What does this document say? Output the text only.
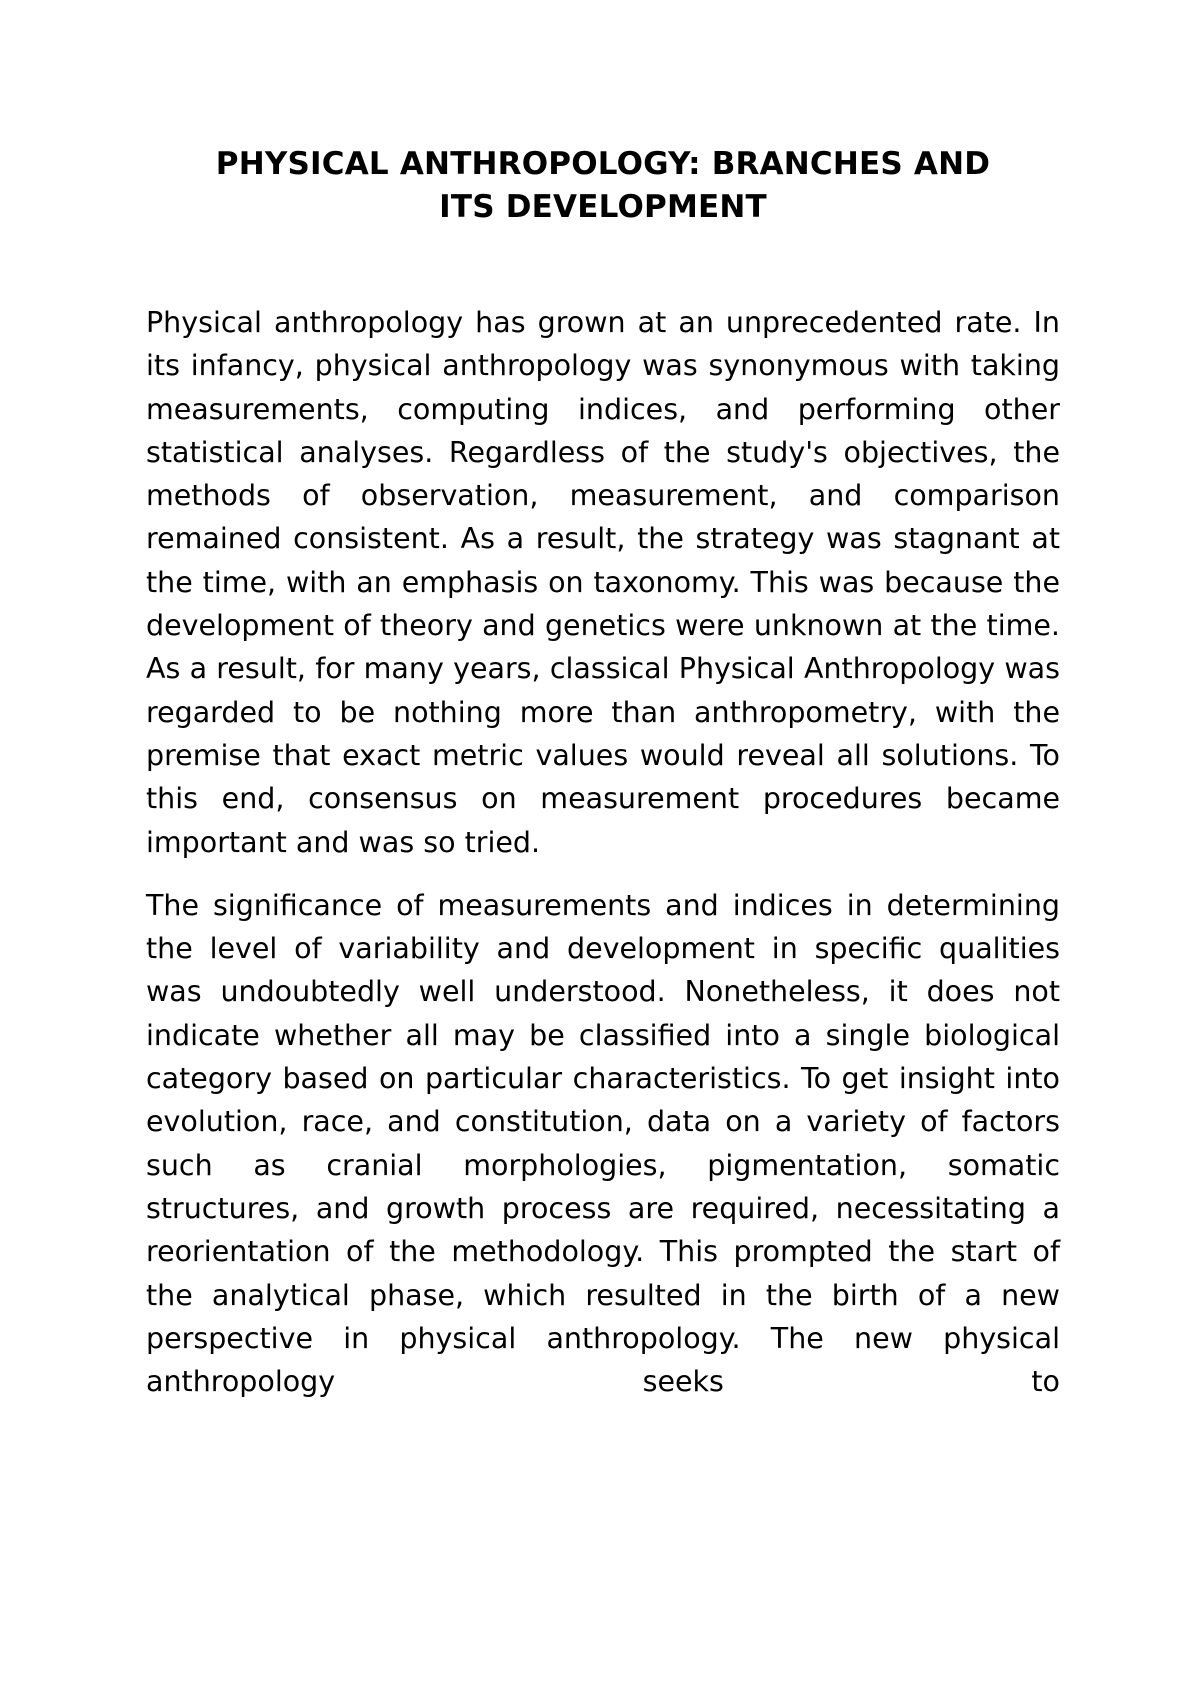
PHYSICAL ANTHROPOLOGY: BRANCHES AND
ITS DEVELOPMENT

Physical anthropology has grown at an unprecedented rate. In its infancy, physical anthropology was synonymous with taking measurements, computing indices, and performing other statistical analyses. Regardless of the study's objectives, the methods of observation, measurement, and comparison remained consistent. As a result, the strategy was stagnant at the time, with an emphasis on taxonomy. This was because the development of theory and genetics were unknown at the time. As a result, for many years, classical Physical Anthropology was regarded to be nothing more than anthropometry, with the premise that exact metric values would reveal all solutions. To this end, consensus on measurement procedures became important and was so tried.

The significance of measurements and indices in determining the level of variability and development in specific qualities was undoubtedly well understood. Nonetheless, it does not indicate whether all may be classified into a single biological category based on particular characteristics. To get insight into evolution, race, and constitution, data on a variety of factors such as cranial morphologies, pigmentation, somatic structures, and growth process are required, necessitating a reorientation of the methodology. This prompted the start of the analytical phase, which resulted in the birth of a new perspective in physical anthropology. The new physical anthropology seeks to
